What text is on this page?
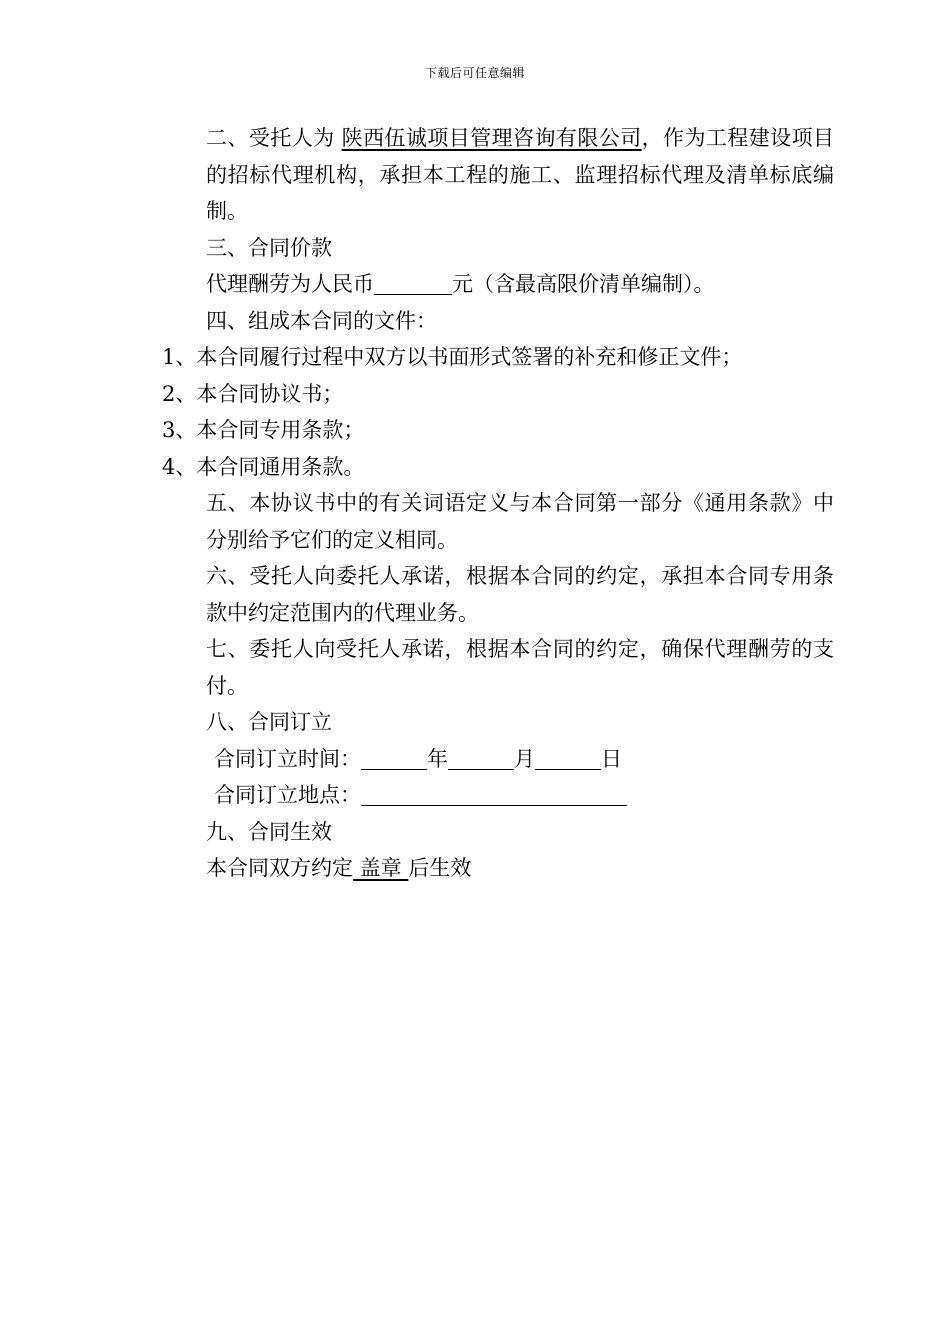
下载后可任意编辑

二、受托人为 陕西伍诚项目管理咨询有限公司，作为工程建设项目的招标代理机构，承担本工程的施工、监理招标代理及清单标底编制。

三、合同价款

代理酬劳为人民币	元（含最高限价清单编制）。

四、组成本合同的文件：

1、本合同履行过程中双方以书面形式签署的补充和修正文件；

2、本合同协议书；

3、本合同专用条款；

4、本合同通用条款。

五、本协议书中的有关词语定义与本合同第一部分《通用条款》中分别给予它们的定义相同。

六、受托人向委托人承诺，根据本合同的约定，承担本合同专用条款中约定范围内的代理业务。

七、委托人向受托人承诺，根据本合同的约定，确保代理酬劳的支付。

八、合同订立

合同订立时间：	年	月	日

合同订立地点：

九、合同生效

本合同双方约定 盖章 后生效
